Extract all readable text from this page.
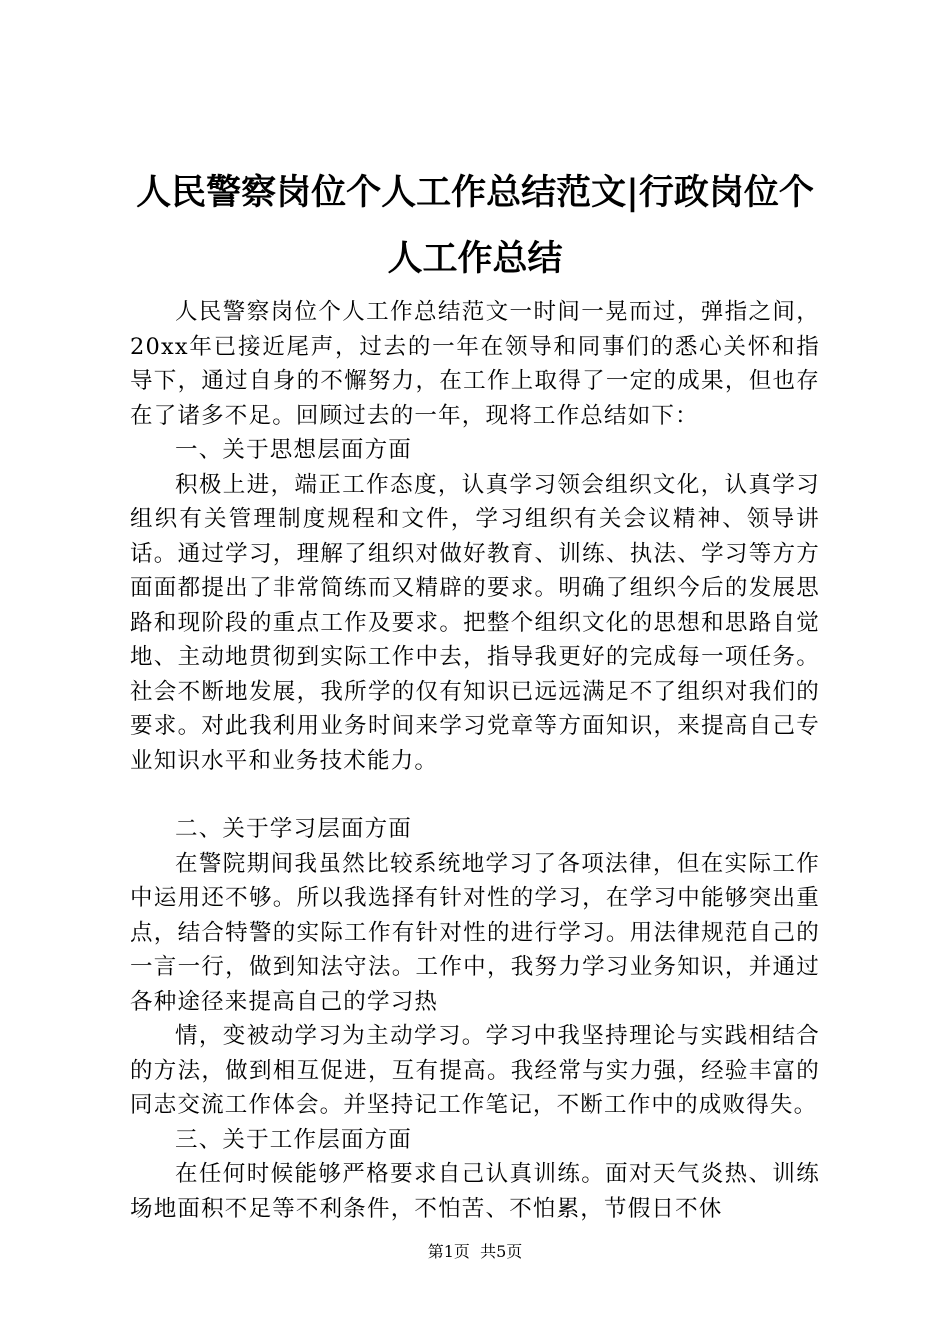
人民警察岗位个人工作总结范文|行政岗位个
人工作总结

人民警察岗位个人工作总结范文一时间一晃而过，弹指之间，20xx年已接近尾声，过去的一年在领导和同事们的悉心关怀和指导下，通过自身的不懈努力，在工作上取得了一定的成果，但也存在了诸多不足。回顾过去的一年，现将工作总结如下：

一、关于思想层面方面

积极上进，端正工作态度，认真学习领会组织文化，认真学习组织有关管理制度规程和文件，学习组织有关会议精神、领导讲话。通过学习，理解了组织对做好教育、训练、执法、学习等方方面面都提出了非常简练而又精辟的要求。明确了组织今后的发展思路和现阶段的重点工作及要求。把整个组织文化的思想和思路自觉地、主动地贯彻到实际工作中去，指导我更好的完成每一项任务。社会不断地发展，我所学的仅有知识已远远满足不了组织对我们的要求。对此我利用业务时间来学习党章等方面知识，来提高自己专业知识水平和业务技术能力。

二、关于学习层面方面

在警院期间我虽然比较系统地学习了各项法律，但在实际工作中运用还不够。所以我选择有针对性的学习，在学习中能够突出重点，结合特警的实际工作有针对性的进行学习。用法律规范自己的一言一行，做到知法守法。工作中，我努力学习业务知识，并通过各种途径来提高自己的学习热

情，变被动学习为主动学习。学习中我坚持理论与实践相结合的方法，做到相互促进，互有提高。我经常与实力强，经验丰富的同志交流工作体会。并坚持记工作笔记，不断工作中的成败得失。

三、关于工作层面方面

在任何时候能够严格要求自己认真训练。面对天气炎热、训练场地面积不足等不利条件，不怕苦、不怕累，节假日不休

第1页 共5页
